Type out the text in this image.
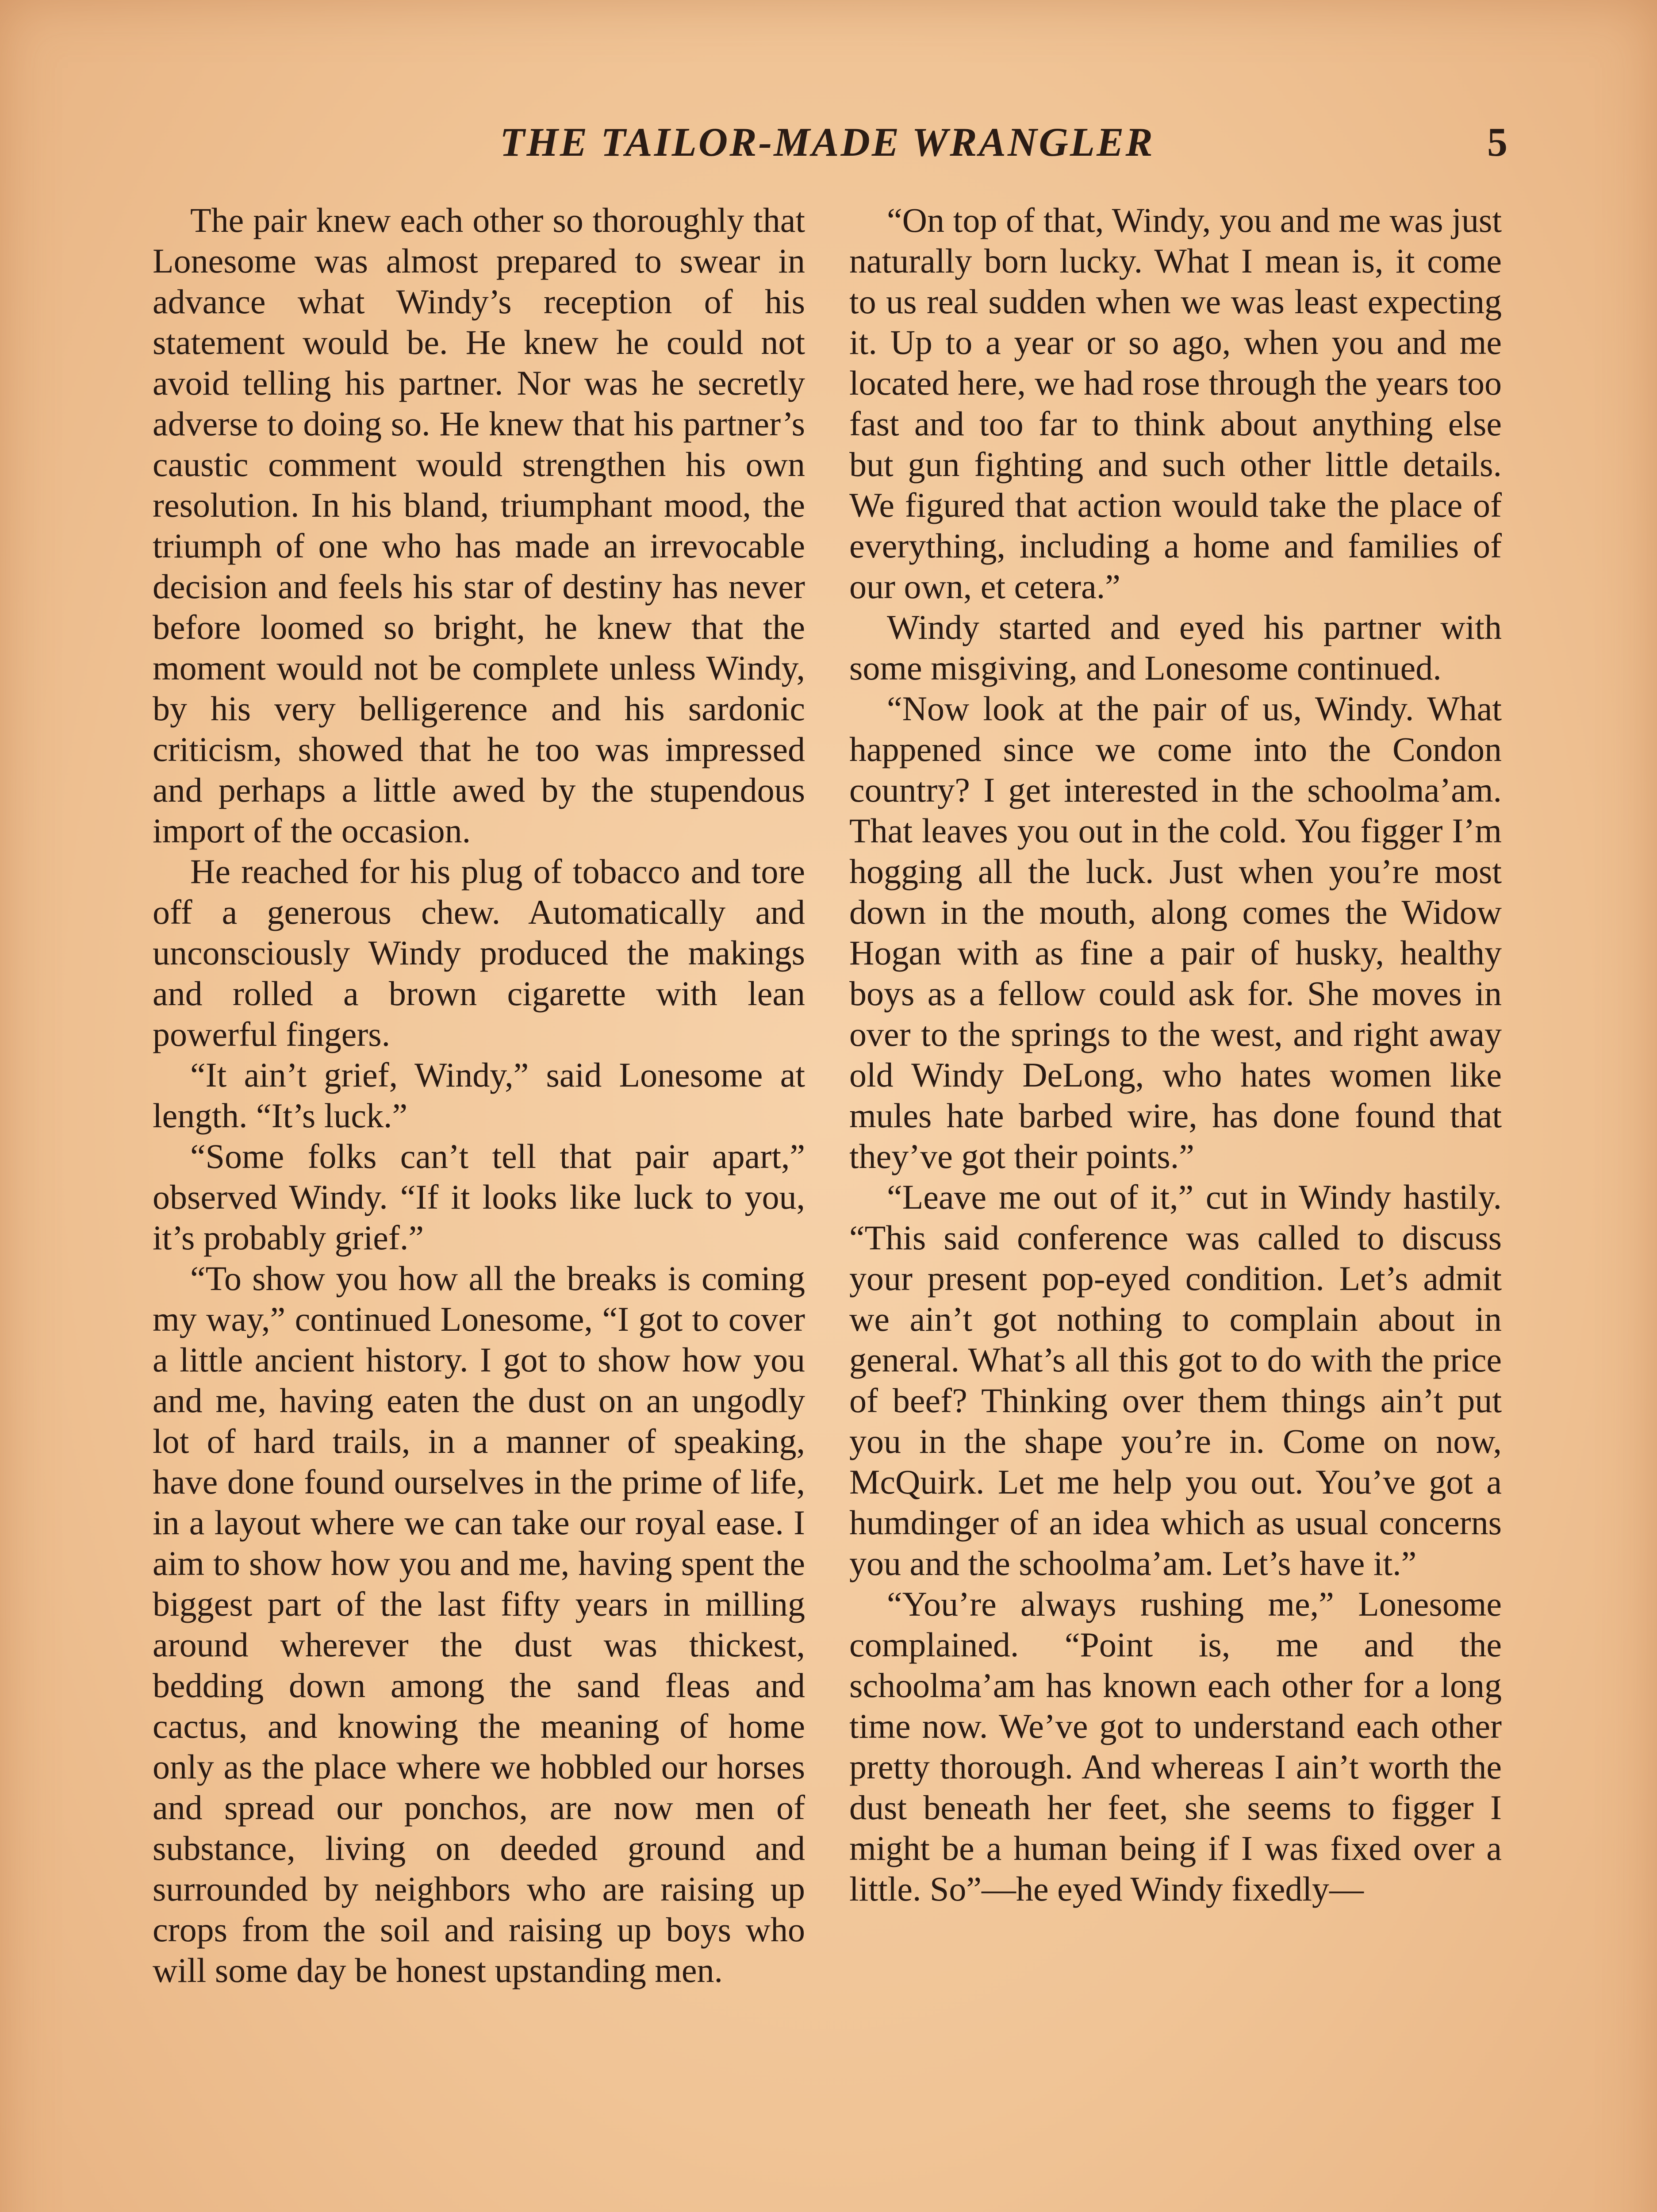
THE TAILOR-MADE WRANGLER	5

The pair knew each other so thoroughly that Lonesome was almost prepared to swear in advance what Windy’s reception of his statement would be. He knew he could not avoid telling his partner. Nor was he secretly adverse to doing so. He knew that his partner’s caustic comment would strengthen his own resolution. In his bland, triumphant mood, the triumph of one who has made an irrevocable decision and feels his star of destiny has never before loomed so bright, he knew that the moment would not be complete unless Windy, by his very belligerence and his sardonic criticism, showed that he too was impressed and perhaps a little awed by the stupendous import of the occasion.

He reached for his plug of tobacco and tore off a generous chew. Automatically and unconsciously Windy produced the makings and rolled a brown cigarette with lean powerful fingers.

“It ain’t grief, Windy,” said Lonesome at length. “It’s luck.”

“Some folks can’t tell that pair apart,” observed Windy. “If it looks like luck to you, it’s probably grief.”

“To show you how all the breaks is coming my way,” continued Lonesome, “I got to cover a little ancient history. I got to show how you and me, having eaten the dust on an ungodly lot of hard trails, in a manner of speaking, have done found ourselves in the prime of life, in a layout where we can take our royal ease. I aim to show how you and me, having spent the biggest part of the last fifty years in milling around wherever the dust was thickest, bedding down among the sand fleas and cactus, and knowing the meaning of home only as the place where we hobbled our horses and spread our ponchos, are now men of substance, living on deeded ground and surrounded by neighbors who are raising up crops from the soil and raising up boys who will some day be honest upstanding men.

“On top of that, Windy, you and me was just naturally born lucky. What I mean is, it come to us real sudden when we was least expecting it. Up to a year or so ago, when you and me located here, we had rose through the years too fast and too far to think about anything else but gun fighting and such other little details. We figured that action would take the place of everything, including a home and families of our own, et cetera.”

Windy started and eyed his partner with some misgiving, and Lonesome continued.

“Now look at the pair of us, Windy. What happened since we come into the Condon country? I get interested in the schoolma’am. That leaves you out in the cold. You figger I’m hogging all the luck. Just when you’re most down in the mouth, along comes the Widow Hogan with as fine a pair of husky, healthy boys as a fellow could ask for. She moves in over to the springs to the west, and right away old Windy DeLong, who hates women like mules hate barbed wire, has done found that they’ve got their points.”

“Leave me out of it,” cut in Windy hastily. “This said conference was called to discuss your present pop-eyed condition. Let’s admit we ain’t got nothing to complain about in general. What’s all this got to do with the price of beef? Thinking over them things ain’t put you in the shape you’re in. Come on now, McQuirk. Let me help you out. You’ve got a humdinger of an idea which as usual concerns you and the schoolma’am. Let’s have it.”

“You’re always rushing me,” Lonesome complained. “Point is, me and the schoolma’am has known each other for a long time now. We’ve got to understand each other pretty thorough. And whereas I ain’t worth the dust beneath her feet, she seems to figger I might be a human being if I was fixed over a little. So”—he eyed Windy fixedly—
